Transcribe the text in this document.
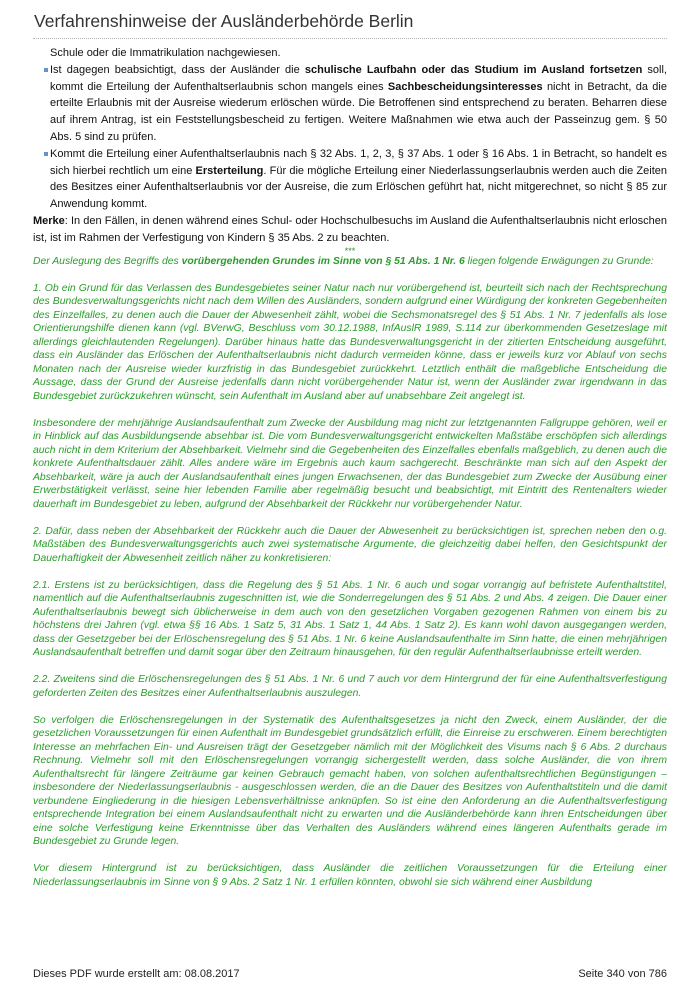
Verfahrenshinweise der Ausländerbehörde Berlin

Schule oder die Immatrikulation nachgewiesen.

Ist dagegen beabsichtigt, dass der Ausländer die schulische Laufbahn oder das Studium im Ausland fortsetzen soll, kommt die Erteilung der Aufenthaltserlaubnis schon mangels eines Sachbescheidungsinteresses nicht in Betracht, da die erteilte Erlaubnis mit der Ausreise wiederum erlöschen würde. Die Betroffenen sind entsprechend zu beraten. Beharren diese auf ihrem Antrag, ist ein Feststellungsbescheid zu fertigen. Weitere Maßnahmen wie etwa auch der Passeinzug gem. § 50 Abs. 5 sind zu prüfen.

Kommt die Erteilung einer Aufenthaltserlaubnis nach § 32 Abs. 1, 2, 3, § 37 Abs. 1 oder § 16 Abs. 1 in Betracht, so handelt es sich hierbei rechtlich um eine Ersterteilung. Für die mögliche Erteilung einer Niederlassungserlaubnis werden auch die Zeiten des Besitzes einer Aufenthaltserlaubnis vor der Ausreise, die zum Erlöschen geführt hat, nicht mitgerechnet, so nicht § 85 zur Anwendung kommt.

Merke: In den Fällen, in denen während eines Schul- oder Hochschulbesuchs im Ausland die Aufenthaltserlaubnis nicht erloschen ist, ist im Rahmen der Verfestigung von Kindern § 35 Abs. 2 zu beachten.

***

Der Auslegung des Begriffs des vorübergehenden Grundes im Sinne von § 51 Abs. 1 Nr. 6 liegen folgende Erwägungen zu Grunde:

1. Ob ein Grund für das Verlassen des Bundesgebietes seiner Natur nach nur vorübergehend ist, beurteilt sich nach der Rechtsprechung des Bundesverwaltungsgerichts nicht nach dem Willen des Ausländers, sondern aufgrund einer Würdigung der konkreten Gegebenheiten des Einzelfalles, zu denen auch die Dauer der Abwesenheit zählt, wobei die Sechsmonatsregel des § 51 Abs. 1 Nr. 7 jedenfalls als lose Orientierungshilfe dienen kann (vgl. BVerwG, Beschluss vom 30.12.1988, InfAuslR 1989, S.114 zur überkommenden Gesetzeslage mit allerdings gleichlautenden Regelungen). Darüber hinaus hatte das Bundesverwaltungsgericht in der zitierten Entscheidung ausgeführt, dass ein Ausländer das Erlöschen der Aufenthaltserlaubnis nicht dadurch vermeiden könne, dass er jeweils kurz vor Ablauf von sechs Monaten nach der Ausreise wieder kurzfristig in das Bundesgebiet zurückkehrt. Letztlich enthält die maßgebliche Entscheidung die Aussage, dass der Grund der Ausreise jedenfalls dann nicht vorübergehender Natur ist, wenn der Ausländer zwar irgendwann in das Bundesgebiet zurückzukehren wünscht, sein Aufenthalt im Ausland aber auf unabsehbare Zeit angelegt ist.

Insbesondere der mehrjährige Auslandsaufenthalt zum Zwecke der Ausbildung mag nicht zur letztgenannten Fallgruppe gehören, weil er in Hinblick auf das Ausbildungsende absehbar ist. Die vom Bundesverwaltungsgericht entwickelten Maßstäbe erschöpfen sich allerdings auch nicht in dem Kriterium der Absehbarkeit. Vielmehr sind die Gegebenheiten des Einzelfalles ebenfalls maßgeblich, zu denen auch die konkrete Aufenthaltsdauer zählt. Alles andere wäre im Ergebnis auch kaum sachgerecht. Beschränkte man sich auf den Aspekt der Absehbarkeit, wäre ja auch der Auslandsaufenthalt eines jungen Erwachsenen, der das Bundesgebiet zum Zwecke der Ausübung einer Erwerbstätigkeit verlässt, seine hier lebenden Familie aber regelmäßig besucht und beabsichtigt, mit Eintritt des Rentenalters wieder dauerhaft im Bundesgebiet zu leben, aufgrund der Absehbarkeit der Rückkehr nur vorübergehender Natur.

2. Dafür, dass neben der Absehbarkeit der Rückkehr auch die Dauer der Abwesenheit zu berücksichtigen ist, sprechen neben den o.g. Maßstäben des Bundesverwaltungsgerichts auch zwei systematische Argumente, die gleichzeitig dabei helfen, den Gesichtspunkt der Dauerhaftigkeit der Abwesenheit zeitlich näher zu konkretisieren:

2.1. Erstens ist zu berücksichtigen, dass die Regelung des § 51 Abs. 1 Nr. 6 auch und sogar vorrangig auf befristete Aufenthaltstitel, namentlich auf die Aufenthaltserlaubnis zugeschnitten ist, wie die Sonderregelungen des § 51 Abs. 2 und Abs. 4 zeigen. Die Dauer einer Aufenthaltserlaubnis bewegt sich üblicherweise in dem auch von den gesetzlichen Vorgaben gezogenen Rahmen von einem bis zu höchstens drei Jahren (vgl. etwa §§ 16 Abs. 1 Satz 5, 31 Abs. 1 Satz 1, 44 Abs. 1 Satz 2). Es kann wohl davon ausgegangen werden, dass der Gesetzgeber bei der Erlöschensregelung des § 51 Abs. 1 Nr. 6 keine Auslandsaufenthalte im Sinn hatte, die einen mehrjährigen Auslandsaufenthalt betreffen und damit sogar über den Zeitraum hinausgehen, für den regulär Aufenthaltserlaubnisse erteilt werden.

2.2. Zweitens sind die Erlöschensregelungen des § 51 Abs. 1 Nr. 6 und 7 auch vor dem Hintergrund der für eine Aufenthaltsverfestigung geforderten Zeiten des Besitzes einer Aufenthaltserlaubnis auszulegen.

So verfolgen die Erlöschensregelungen in der Systematik des Aufenthaltsgesetzes ja nicht den Zweck, einem Ausländer, der die gesetzlichen Voraussetzungen für einen Aufenthalt im Bundesgebiet grundsätzlich erfüllt, die Einreise zu erschweren. Einem berechtigten Interesse an mehrfachen Ein- und Ausreisen trägt der Gesetzgeber nämlich mit der Möglichkeit des Visums nach § 6 Abs. 2 durchaus Rechnung. Vielmehr soll mit den Erlöschensregelungen vorrangig sichergestellt werden, dass solche Ausländer, die von ihrem Aufenthaltsrecht für längere Zeiträume gar keinen Gebrauch gemacht haben, von solchen aufenthaltsrechtlichen Begünstigungen – insbesondere der Niederlassungserlaubnis - ausgeschlossen werden, die an die Dauer des Besitzes von Aufenthaltstiteln und die damit verbundene Eingliederung in die hiesigen Lebensverhältnisse anknüpfen. So ist eine den Anforderung an die Aufenthaltsverfestigung entsprechende Integration bei einem Auslandsaufenthalt nicht zu erwarten und die Ausländerbehörde kann ihren Entscheidungen über eine solche Verfestigung keine Erkenntnisse über das Verhalten des Ausländers während eines längeren Aufenthalts gerade im Bundesgebiet zu Grunde legen.

Vor diesem Hintergrund ist zu berücksichtigen, dass Ausländer die zeitlichen Voraussetzungen für die Erteilung einer Niederlassungserlaubnis im Sinne von § 9 Abs. 2 Satz 1 Nr. 1 erfüllen könnten, obwohl sie sich während einer Ausbildung

Dieses PDF wurde erstellt am: 08.08.2017	Seite 340 von 786
